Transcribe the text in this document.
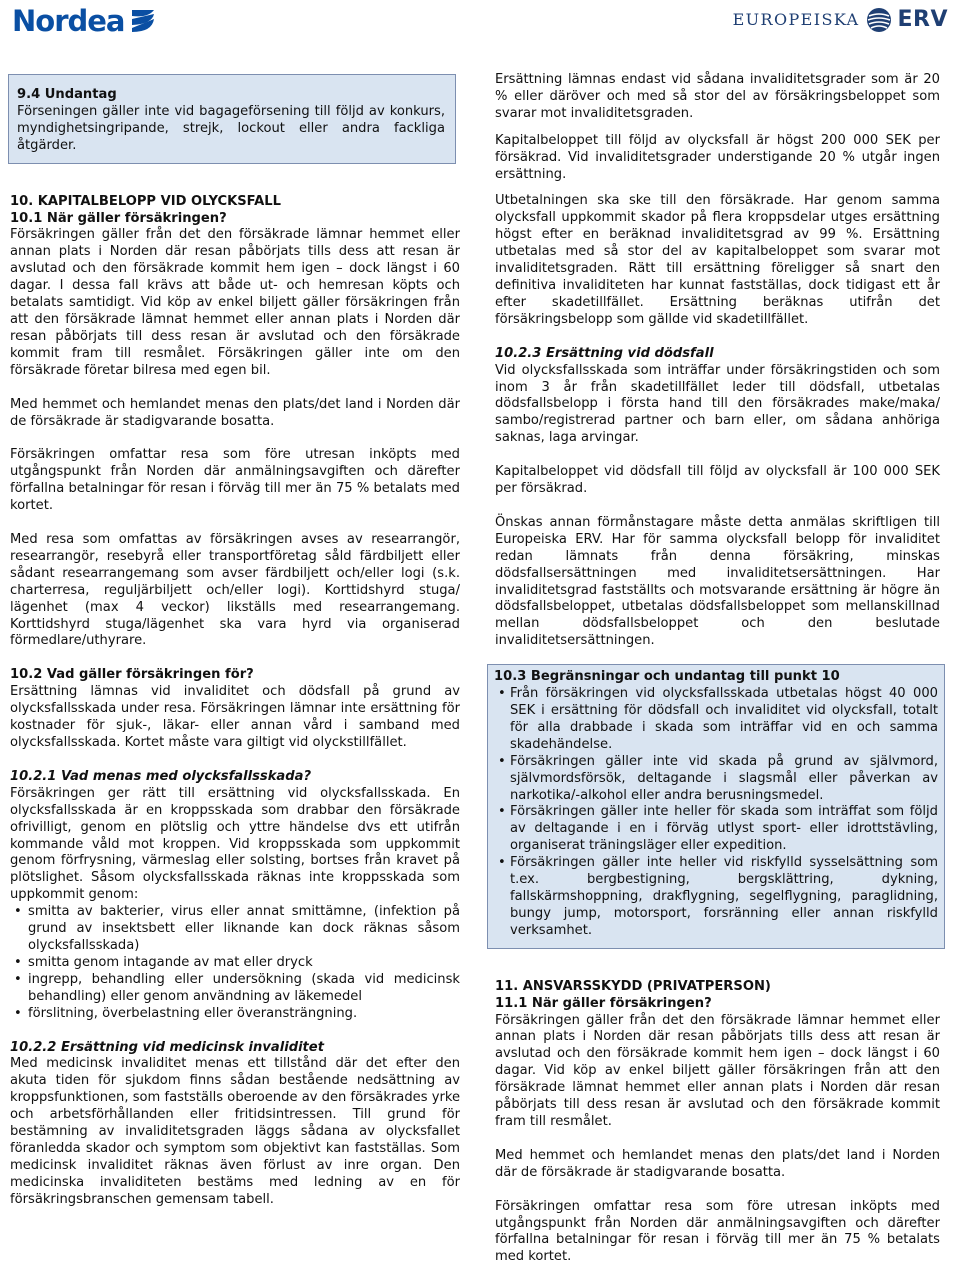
Nordea	EUROPEISKA ERV

9.4 Undantag

Förseningen gäller inte vid bagageförsening till följd av konkurs, myndighetsingripande, strejk, lockout eller andra fackliga åtgärder.

10. KAPITALBELOPP VID OLYCKSFALL

10.1 När gäller försäkringen?

Försäkringen gäller från det den försäkrade lämnar hemmet eller annan plats i Norden där resan påbörjats tills dess att resan är avslutad och den försäkrade kommit hem igen – dock längst i 60 dagar. I dessa fall krävs att både ut- och hemresan köpts och betalats samtidigt. Vid köp av enkel biljett gäller försäkringen från att den försäkrade lämnat hemmet eller annan plats i Norden där resan påbörjats till dess resan är avslutad och den försäkrade kommit fram till resmålet. Försäkringen gäller inte om den försäkrade företar bilresa med egen bil.

Med hemmet och hemlandet menas den plats/det land i Norden där de försäkrade är stadigvarande bosatta.

Försäkringen omfattar resa som före utresan inköpts med utgångspunkt från Norden där anmälningsavgiften och därefter förfallna betalningar för resan i förväg till mer än 75 % betalats med kortet.

Med resa som omfattas av försäkringen avses av researrangör, researrangör, resebyrå eller transportföretag såld färdbiljett eller sådant researrangemang som avser färdbiljett och/eller logi (s.k. charterresa, reguljärbiljett och/eller logi). Korttidshyrd stuga/ lägenhet (max 4 veckor) likställs med researrangemang. Korttidshyrd stuga/lägenhet ska vara hyrd via organiserad förmedlare/uthyrare.

10.2 Vad gäller försäkringen för?

Ersättning lämnas vid invaliditet och dödsfall på grund av olycksfallsskada under resa. Försäkringen lämnar inte ersättning för kostnader för sjuk-, läkar- eller annan vård i samband med olycksfallsskada. Kortet måste vara giltigt vid olyckstillfället.

10.2.1 Vad menas med olycksfallsskada?

Försäkringen ger rätt till ersättning vid olycksfallsskada. En olycksfallsskada är en kroppsskada som drabbar den försäkrade ofrivilligt, genom en plötslig och yttre händelse dvs ett utifrån kommande våld mot kroppen. Vid kroppsskada som uppkommit genom förfrysning, värmeslag eller solsting, bortses från kravet på plötslighet. Såsom olycksfallsskada räknas inte kroppsskada som uppkommit genom:

• smitta av bakterier, virus eller annat smittämne, (infektion på grund av insektsbett eller liknande kan dock räknas såsom olycksfallsskada)
• smitta genom intagande av mat eller dryck
• ingrepp, behandling eller undersökning (skada vid medicinsk behandling) eller genom användning av läkemedel
• förslitning, överbelastning eller överansträngning.

10.2.2 Ersättning vid medicinsk invaliditet

Med medicinsk invaliditet menas ett tillstånd där det efter den akuta tiden för sjukdom finns sådan bestående nedsättning av kroppsfunktionen, som fastställs oberoende av den försäkrades yrke och arbetsförhållanden eller fritidsintressen. Till grund för bestämning av invaliditetsgraden läggs sådana av olycksfallet föranledda skador och symptom som objektivt kan fastställas. Som medicinsk invaliditet räknas även förlust av inre organ. Den medicinska invaliditeten bestäms med ledning av en för försäkringsbranschen gemensam tabell.

Ersättning lämnas endast vid sådana invaliditetsgrader som är 20 % eller däröver och med så stor del av försäkringsbeloppet som svarar mot invaliditetsgraden.

Kapitalbeloppet till följd av olycksfall är högst 200 000 SEK per försäkrad. Vid invaliditetsgrader understigande 20 % utgår ingen ersättning.

Utbetalningen ska ske till den försäkrade. Har genom samma olycksfall uppkommit skador på flera kroppsdelar utges ersättning högst efter en beräknad invaliditetsgrad av 99 %. Ersättning utbetalas med så stor del av kapitalbeloppet som svarar mot invaliditetsgraden. Rätt till ersättning föreligger så snart den definitiva invaliditeten har kunnat fastställas, dock tidigast ett år efter skadetillfället. Ersättning beräknas utifrån det försäkringsbelopp som gällde vid skadetillfället.

10.2.3 Ersättning vid dödsfall

Vid olycksfallsskada som inträffar under försäkringstiden och som inom 3 år från skadetillfället leder till dödsfall, utbetalas dödsfallsbelopp i första hand till den försäkrades make/maka/ sambo/registrerad partner och barn eller, om sådana anhöriga saknas, laga arvingar.

Kapitalbeloppet vid dödsfall till följd av olycksfall är 100 000 SEK per försäkrad.

Önskas annan förmånstagare måste detta anmälas skriftligen till Europeiska ERV. Har för samma olycksfall belopp för invaliditet redan lämnats från denna försäkring, minskas dödsfallsersättningen med invaliditetsersättningen. Har invaliditetsgrad fastställts och motsvarande ersättning är högre än dödsfallsbeloppet, utbetalas dödsfallsbeloppet som mellanskillnad mellan dödsfallsbeloppet och den beslutade invaliditetsersättningen.

10.3 Begränsningar och undantag till punkt 10

• Från försäkringen vid olycksfallsskada utbetalas högst 40 000 SEK i ersättning för dödsfall och invaliditet vid olycksfall, totalt för alla drabbade i skada som inträffar vid en och samma skadehändelse.
• Försäkringen gäller inte vid skada på grund av självmord, självmordsförsök, deltagande i slagsmål eller påverkan av narkotika/-alkohol eller andra berusningsmedel.
• Försäkringen gäller inte heller för skada som inträffat som följd av deltagande i en i förväg utlyst sport- eller idrottstävling, organiserat träningsläger eller expedition.
• Försäkringen gäller inte heller vid riskfylld sysselsättning som t.ex. bergbestigning, bergsklättring, dykning, fallskärmshoppning, drakflygning, segelflygning, paraglidning, bungy jump, motorsport, forsränning eller annan riskfylld verksamhet.

11. ANSVARSSKYDD (PRIVATPERSON)

11.1 När gäller försäkringen?

Försäkringen gäller från det den försäkrade lämnar hemmet eller annan plats i Norden där resan påbörjats tills dess att resan är avslutad och den försäkrade kommit hem igen – dock längst i 60 dagar. Vid köp av enkel biljett gäller försäkringen från att den försäkrade lämnat hemmet eller annan plats i Norden där resan påbörjats till dess resan är avslutad och den försäkrade kommit fram till resmålet.

Med hemmet och hemlandet menas den plats/det land i Norden där de försäkrade är stadigvarande bosatta.

Försäkringen omfattar resa som före utresan inköpts med utgångspunkt från Norden där anmälningsavgiften och därefter förfallna betalningar för resan i förväg till mer än 75 % betalats med kortet.
